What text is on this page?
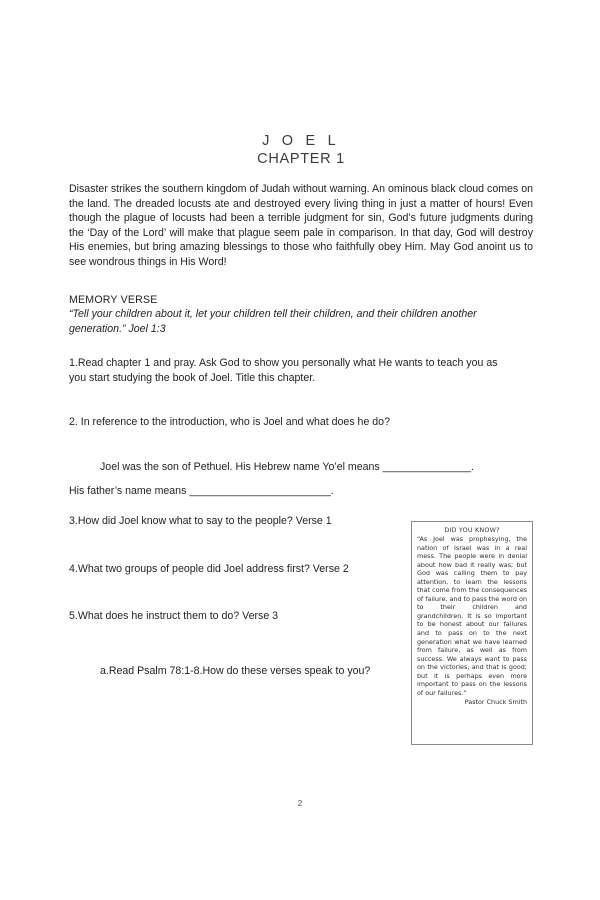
J O E L
CHAPTER 1
Disaster strikes the southern kingdom of Judah without warning. An ominous black cloud comes on the land. The dreaded locusts ate and destroyed every living thing in just a matter of hours! Even though the plague of locusts had been a terrible judgment for sin, God’s future judgments during the ‘Day of the Lord’ will make that plague seem pale in comparison. In that day, God will destroy His enemies, but bring amazing blessings to those who faithfully obey Him. May God anoint us to see wondrous things in His Word!
MEMORY VERSE
“Tell your children about it, let your children tell their children, and their children another generation.” Joel 1:3
1.Read chapter 1 and pray. Ask God to show you personally what He wants to teach you as you start studying the book of Joel. Title this chapter.
2. In reference to the introduction, who is Joel and what does he do?
Joel was the son of Pethuel. His Hebrew name Yo’el means _______________.
His father’s name means ________________________.
3.How did Joel know what to say to the people? Verse 1
4.What two groups of people did Joel address first? Verse 2
5.What does he instruct them to do? Verse 3
a.Read Psalm 78:1-8.How do these verses speak to you?
DID YOU KNOW?
“As Joel was prophesying, the nation of Israel was in a real mess. The people were in denial about how bad it really was; but God was calling them to pay attention, to learn the lessons that come from the consequences of failure, and to pass the word on to their children and grandchildren. It is so important to be honest about our failures and to pass on to the next generation what we have learned from failure, as well as from success. We always want to pass on the victories, and that is good; but it is perhaps even more important to pass on the lessons of our failures.”
Pastor Chuck Smith
2
